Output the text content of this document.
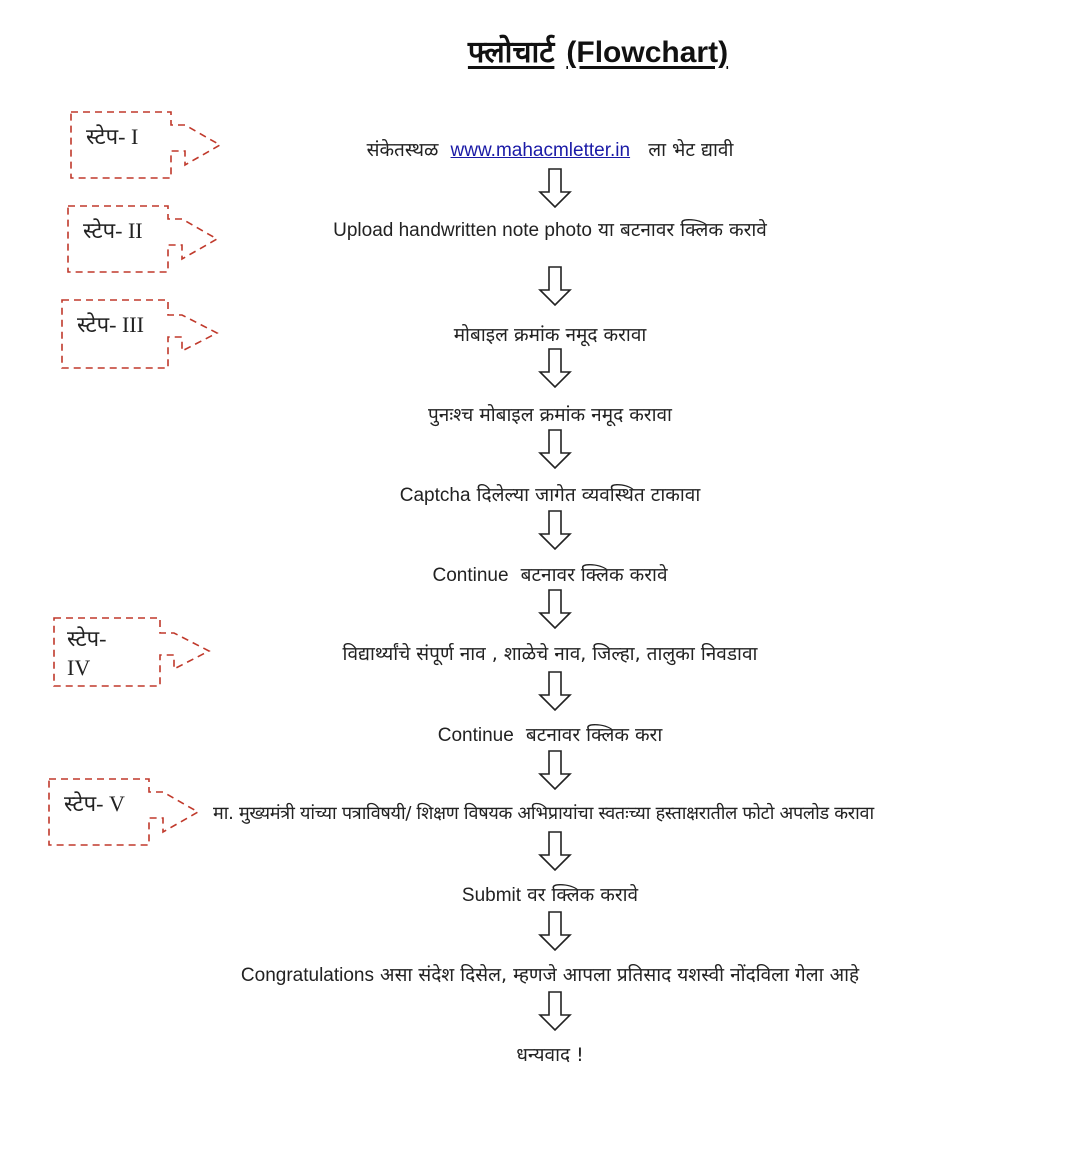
फ्लोचार्ट (Flowchart)
स्टेप- I
स्टेप- II
स्टेप- III
स्टेप-
IV
स्टेप- V
संकेतस्थळ www.mahacmletter.in ला भेट द्यावी
Upload handwritten note photo या बटनावर क्लिक करावे
मोबाइल क्रमांक नमूद करावा
पुनःश्च मोबाइल क्रमांक नमूद करावा
Captcha दिलेल्या जागेत व्यवस्थित टाकावा
Continue बटनावर क्लिक करावे
विद्यार्थ्यांचे संपूर्ण नाव , शाळेचे नाव, जिल्हा, तालुका निवडावा
Continue बटनावर क्लिक करा
मा. मुख्यमंत्री यांच्या पत्राविषयी/ शिक्षण विषयक अभिप्रायांचा स्वतःच्या हस्ताक्षरातील फोटो अपलोड करावा
Submit वर क्लिक करावे
Congratulations असा संदेश दिसेल, म्हणजे आपला प्रतिसाद यशस्वी नोंदविला गेला आहे
धन्यवाद !
